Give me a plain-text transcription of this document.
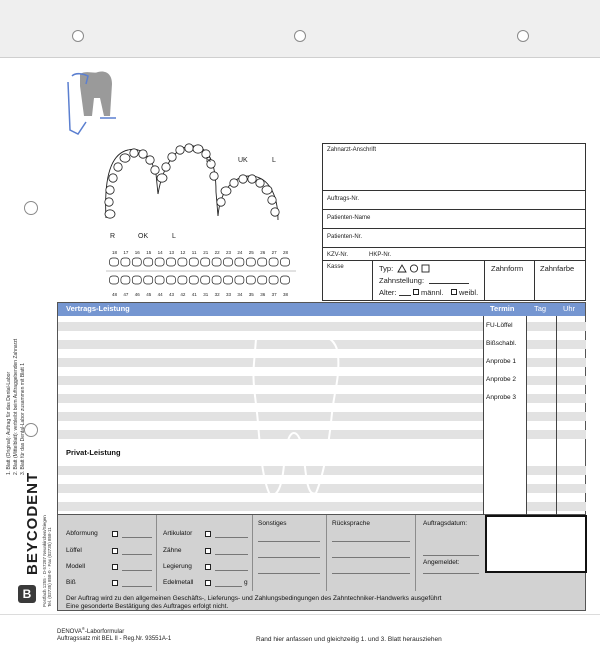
R	UK	L
R	OK	L
18 17 16 15 14 13 12 11 21 22 23 24 25 26 27 28
48 47 46 45 44 43 42 41 31 32 33 34 35 36 37 38
1. Blatt (Original): Auftrag für das Dental-Labor 2. Blatt (Mittelblatt): verbleibt beim Auftraggebenden Zahnarzt 3. Blatt für das Dental-Labor zusammen mit Blatt 1
BEYCODENT
B	Postfach 1255 · D-57287 Neunkirchen/Siegen Tel. (02735) 858-0 · Fax (02735) 858-11
Zahnarzt-Anschrift
Auftrags-Nr.
Patienten-Name
Patienten-Nr.
KZV-Nr.	HKP-Nr.
Kasse	Typ:
Zahnstellung:
Alter:	männl. weibl.
Zahnform Zahnfarbe
Vertrags-Leistung	Termin	Tag Uhr
FU-Löffel
Bißschabl.
Anprobe 1
Anprobe 2
Anprobe 3
Privat-Leistung
Abformung
Löffel
Modell
Biß
Artikulator
Zähne
Legierung
Edelmetall	g
Sonstiges	Rücksprache	Auftragsdatum:
Angemeldet:
Der Auftrag wird zu den allgemeinen Geschäfts-, Lieferungs- und Zahlungsbedingungen des Zahntechniker-Handwerks ausgeführt
Eine gesonderte Bestätigung des Auftrages erfolgt nicht.
DENOVA®-Laborformular
Auftragssatz mit BEL II - Reg.Nr. 93551A-1	Rand hier anfassen und gleichzeitig 1. und 3. Blatt herausziehen
